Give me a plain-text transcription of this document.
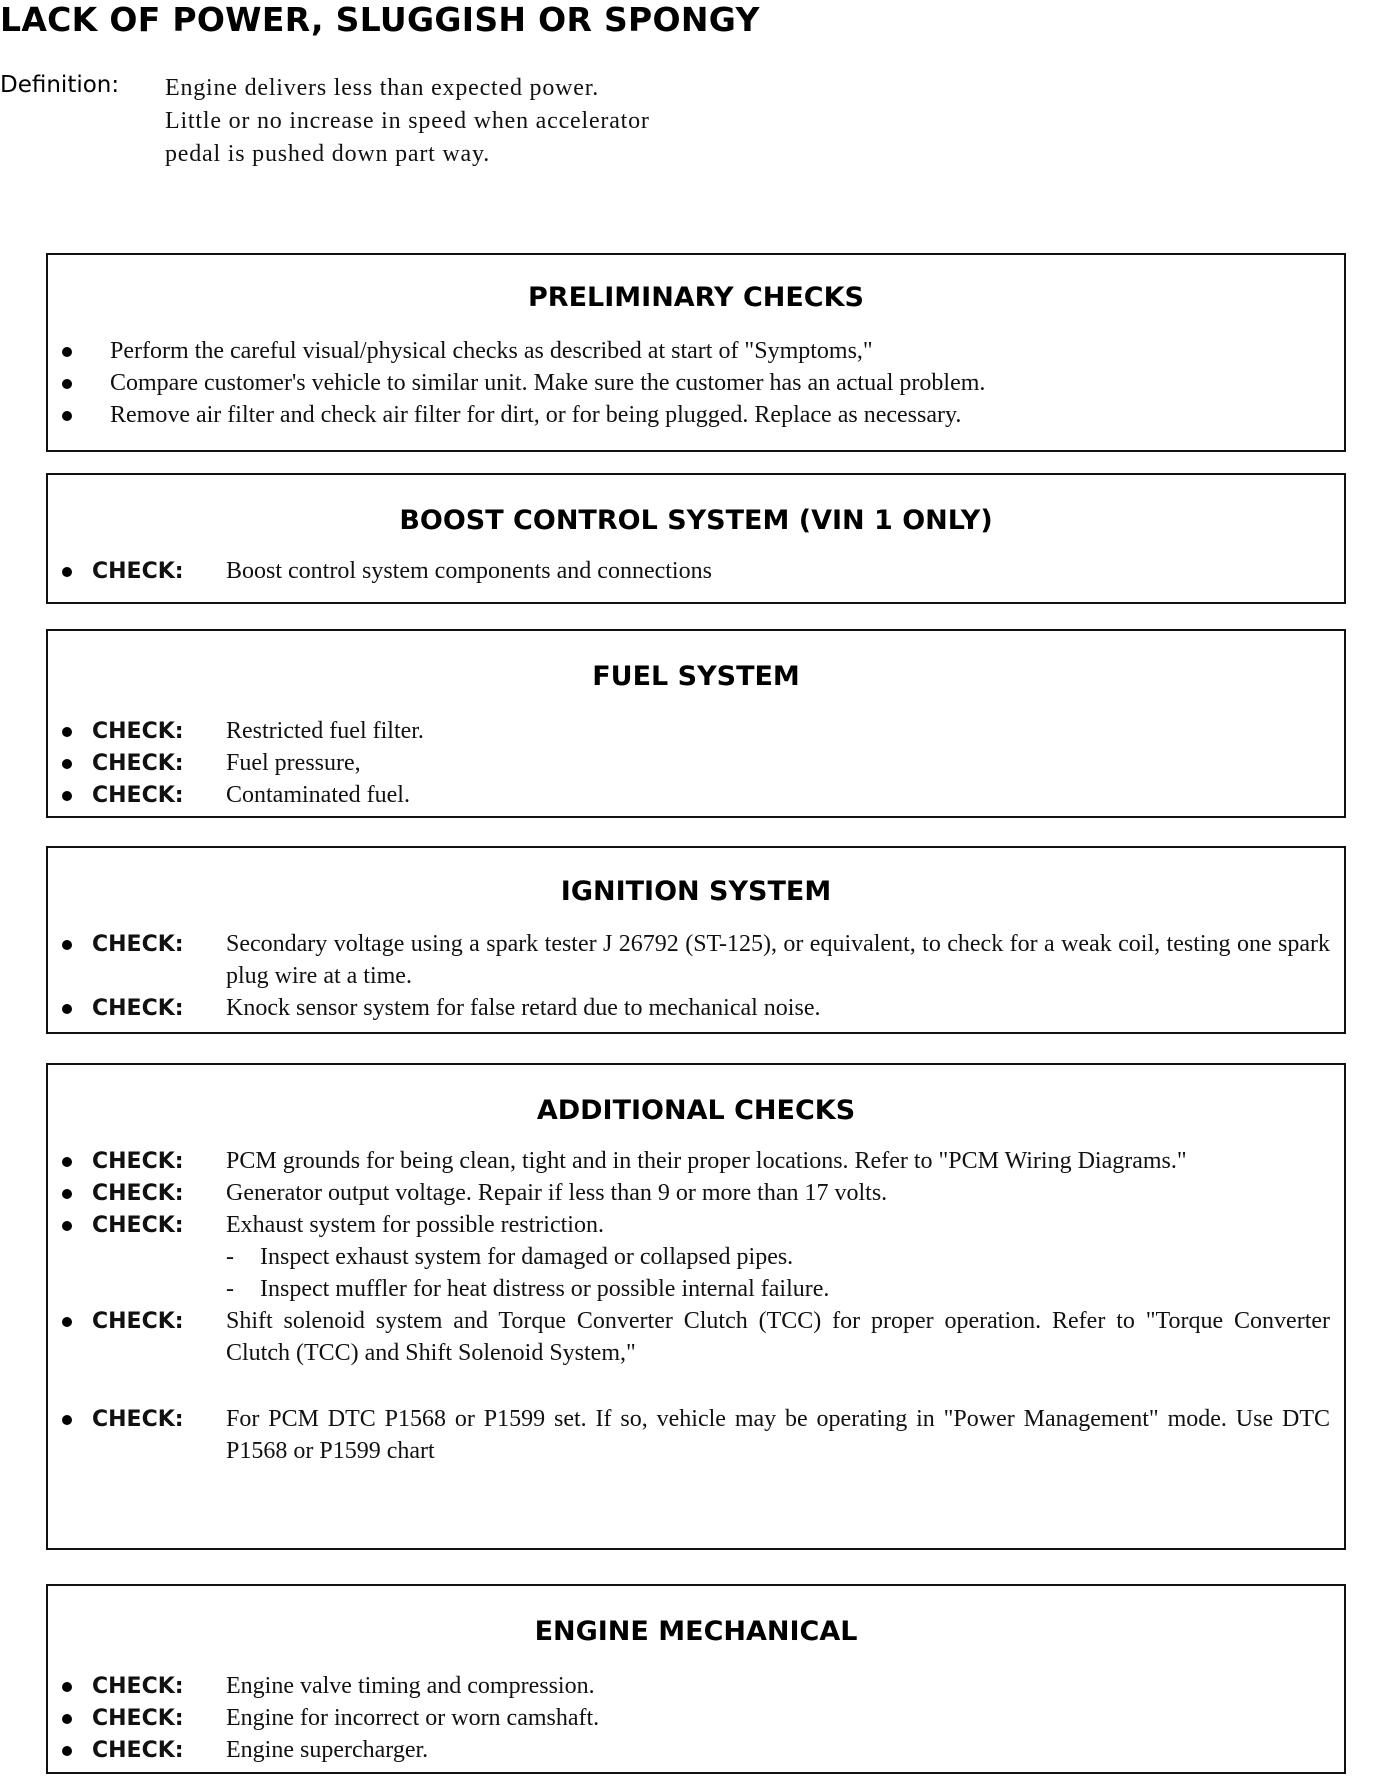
LACK OF POWER, SLUGGISH OR SPONGY
Definition: Engine delivers less than expected power.
Little or no increase in speed when accelerator
pedal is pushed down part way.
PRELIMINARY CHECKS
Perform the careful visual/physical checks as described at start of "Symptoms,"
Compare customer's vehicle to similar unit. Make sure the customer has an actual problem.
Remove air filter and check air filter for dirt, or for being plugged. Replace as necessary.
BOOST CONTROL SYSTEM (VIN 1 ONLY)
CHECK: Boost control system components and connections
FUEL SYSTEM
CHECK: Restricted fuel filter.
CHECK: Fuel pressure,
CHECK: Contaminated fuel.
IGNITION SYSTEM
CHECK: Secondary voltage using a spark tester J 26792 (ST-125), or equivalent, to check for a weak coil, testing one spark plug wire at a time.
CHECK: Knock sensor system for false retard due to mechanical noise.
ADDITIONAL CHECKS
CHECK: PCM grounds for being clean, tight and in their proper locations. Refer to "PCM Wiring Diagrams."
CHECK: Generator output voltage. Repair if less than 9 or more than 17 volts.
CHECK: Exhaust system for possible restriction.
- Inspect exhaust system for damaged or collapsed pipes.
- Inspect muffler for heat distress or possible internal failure.
CHECK: Shift solenoid system and Torque Converter Clutch (TCC) for proper operation. Refer to "Torque Converter Clutch (TCC) and Shift Solenoid System,"
CHECK: For PCM DTC P1568 or P1599 set. If so, vehicle may be operating in "Power Management" mode. Use DTC P1568 or P1599 chart
ENGINE MECHANICAL
CHECK: Engine valve timing and compression.
CHECK: Engine for incorrect or worn camshaft.
CHECK: Engine supercharger.
